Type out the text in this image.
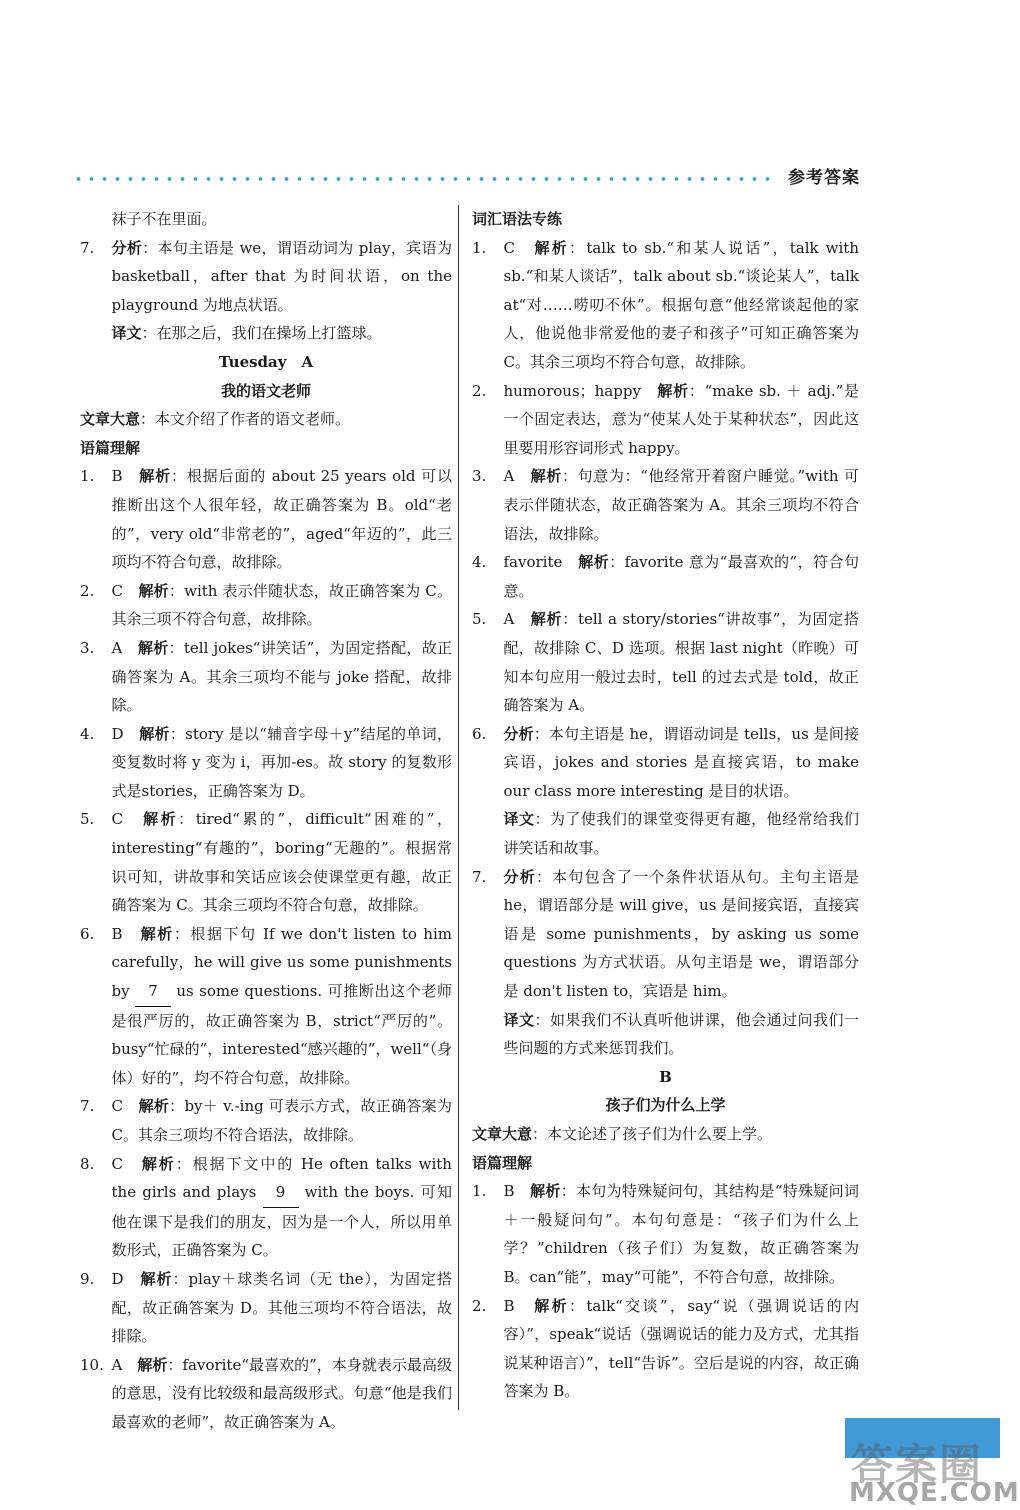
参考答案

袜子不在里面。

7. 分析：本句主语是 we，谓语动词为 play，宾语为 basketball，after that 为时间状语，on the playground 为地点状语。

译文：在那之后，我们在操场上打篮球。

Tuesday　A

我的语文老师

文章大意：本文介绍了作者的语文老师。

语篇理解

1. B　 解析：根据后面的 about 25 years old 可以推断出这个人很年轻，故正确答案为 B。old“老的”，very old“非常老的”，aged“年迈的”，此三项均不符合句意，故排除。

2. C　 解析：with 表示伴随状态，故正确答案为 C。其余三项不符合句意，故排除。

3. A　 解析：tell jokes“讲笑话”，为固定搭配，故正确答案为 A。其余三项均不能与 joke 搭配，故排除。

4. D　 解析：story 是以“辅音字母＋y”结尾的单词，变复数时将 y 变为 i，再加-es。故 story 的复数形式是stories，正确答案为 D。

5. C　 解析：tired“累的”，difficult“困难的”，interesting“有趣的”，boring“无趣的”。根据常识可知，讲故事和笑话应该会使课堂更有趣，故正确答案为 C。其余三项均不符合句意，故排除。

6. B　 解析：根据下句 If we don't listen to him carefully，he will give us some punishments by 7 us some questions. 可推断出这个老师是很严厉的，故正确答案为 B，strict“严厉的”。busy“忙碌的”，interested“感兴趣的”，well“（身体）好的”，均不符合句意，故排除。

7. C　 解析：by＋ v.-ing 可表示方式，故正确答案为 C。其余三项均不符合语法，故排除。

8. C　 解析：根据下文中的 He often talks with the girls and plays 9 with the boys. 可知他在课下是我们的朋友，因为是一个人，所以用单数形式，正确答案为 C。

9. D　 解析：play＋球类名词（无 the），为固定搭配，故正确答案为 D。其他三项均不符合语法，故排除。

10. A　 解析：favorite“最喜欢的”，本身就表示最高级的意思，没有比较级和最高级形式。句意“他是我们最喜欢的老师”，故正确答案为 A。

词汇语法专练

1. C　 解析：talk to sb.“和某人说话”，talk with sb.“和某人谈话”，talk about sb.“谈论某人”，talk at“对……唠叨不休”。根据句意“他经常谈起他的家人，他说他非常爱他的妻子和孩子”可知正确答案为 C。其余三项均不符合句意，故排除。

2. humorous；happy　 解析：“make sb. ＋ adj.”是一个固定表达，意为“使某人处于某种状态”，因此这里要用形容词形式 happy。

3. A　 解析：句意为：“他经常开着窗户睡觉。”with 可表示伴随状态，故正确答案为 A。其余三项均不符合语法，故排除。

4. favorite　 解析：favorite 意为“最喜欢的”，符合句意。

5. A　 解析：tell a story/stories“讲故事”，为固定搭配，故排除 C、D 选项。根据 last night（昨晚）可知本句应用一般过去时，tell 的过去式是 told，故正确答案为 A。

6. 分析：本句主语是 he，谓语动词是 tells，us 是间接宾语，jokes and stories 是直接宾语，to make our class more interesting 是目的状语。

译文：为了使我们的课堂变得更有趣，他经常给我们讲笑话和故事。

7. 分析：本句包含了一个条件状语从句。主句主语是 he，谓语部分是 will give，us 是间接宾语，直接宾语是 some punishments，by asking us some questions 为方式状语。从句主语是 we，谓语部分是 don't listen to，宾语是 him。

译文：如果我们不认真听他讲课，他会通过问我们一些问题的方式来惩罚我们。

B

孩子们为什么上学

文章大意：本文论述了孩子们为什么要上学。

语篇理解

1. B　 解析：本句为特殊疑问句，其结构是“特殊疑问词＋一般疑问句”。本句句意是：“孩子们为什么上学？”children（孩子们）为复数，故正确答案为 B。can“能”，may“可能”，不符合句意，故排除。

2. B　 解析：talk“交谈”，say“说（强调说话的内容）”，speak“说话（强调说话的能力及方式，尤其指说某种语言）”，tell“告诉”。空后是说的内容，故正确答案为 B。

答案圈
MXQE.COM
